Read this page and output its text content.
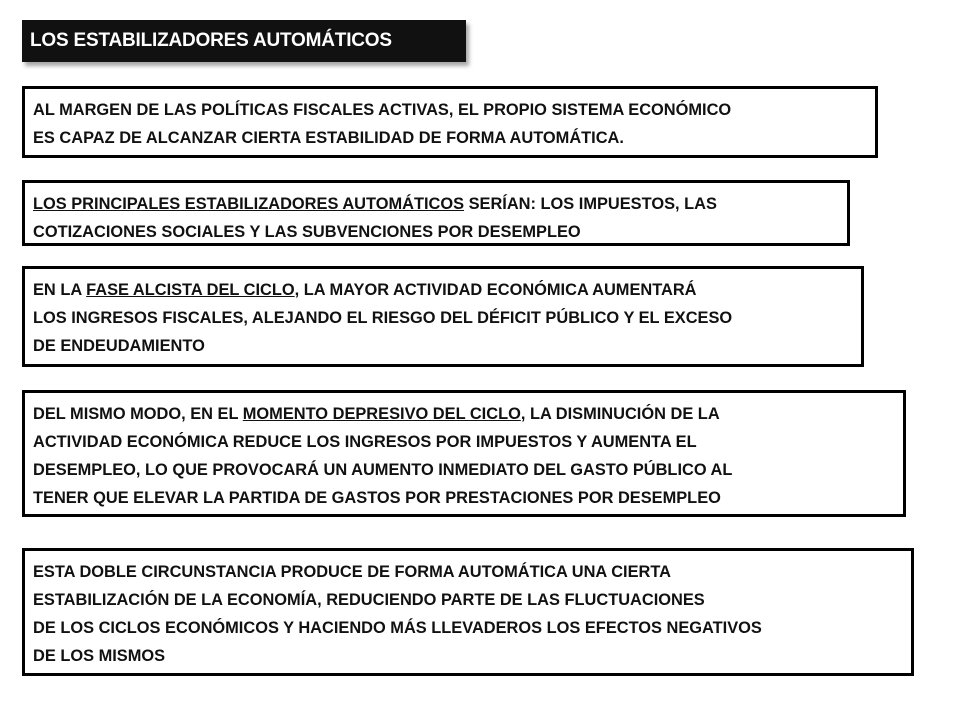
LOS ESTABILIZADORES AUTOMÁTICOS
AL MARGEN DE LAS POLÍTICAS FISCALES ACTIVAS, EL PROPIO SISTEMA ECONÓMICO
ES CAPAZ DE ALCANZAR CIERTA ESTABILIDAD DE FORMA AUTOMÁTICA.
LOS PRINCIPALES ESTABILIZADORES AUTOMÁTICOS SERÍAN: LOS IMPUESTOS, LAS
COTIZACIONES SOCIALES Y LAS SUBVENCIONES POR DESEMPLEO
EN LA FASE ALCISTA DEL CICLO, LA MAYOR ACTIVIDAD ECONÓMICA AUMENTARÁ
LOS INGRESOS FISCALES, ALEJANDO EL RIESGO DEL DÉFICIT PÚBLICO Y EL EXCESO
DE ENDEUDAMIENTO
DEL MISMO MODO, EN EL MOMENTO DEPRESIVO DEL CICLO, LA DISMINUCIÓN DE LA
ACTIVIDAD ECONÓMICA REDUCE LOS INGRESOS POR IMPUESTOS Y AUMENTA EL
DESEMPLEO, LO QUE PROVOCARÁ UN AUMENTO INMEDIATO DEL GASTO PÚBLICO AL
TENER QUE ELEVAR LA PARTIDA DE GASTOS POR PRESTACIONES POR DESEMPLEO
ESTA DOBLE CIRCUNSTANCIA PRODUCE DE FORMA AUTOMÁTICA UNA CIERTA
ESTABILIZACIÓN DE LA ECONOMÍA, REDUCIENDO PARTE DE LAS FLUCTUACIONES
DE LOS CICLOS ECONÓMICOS Y HACIENDO MÁS LLEVADEROS LOS EFECTOS NEGATIVOS
DE LOS MISMOS
